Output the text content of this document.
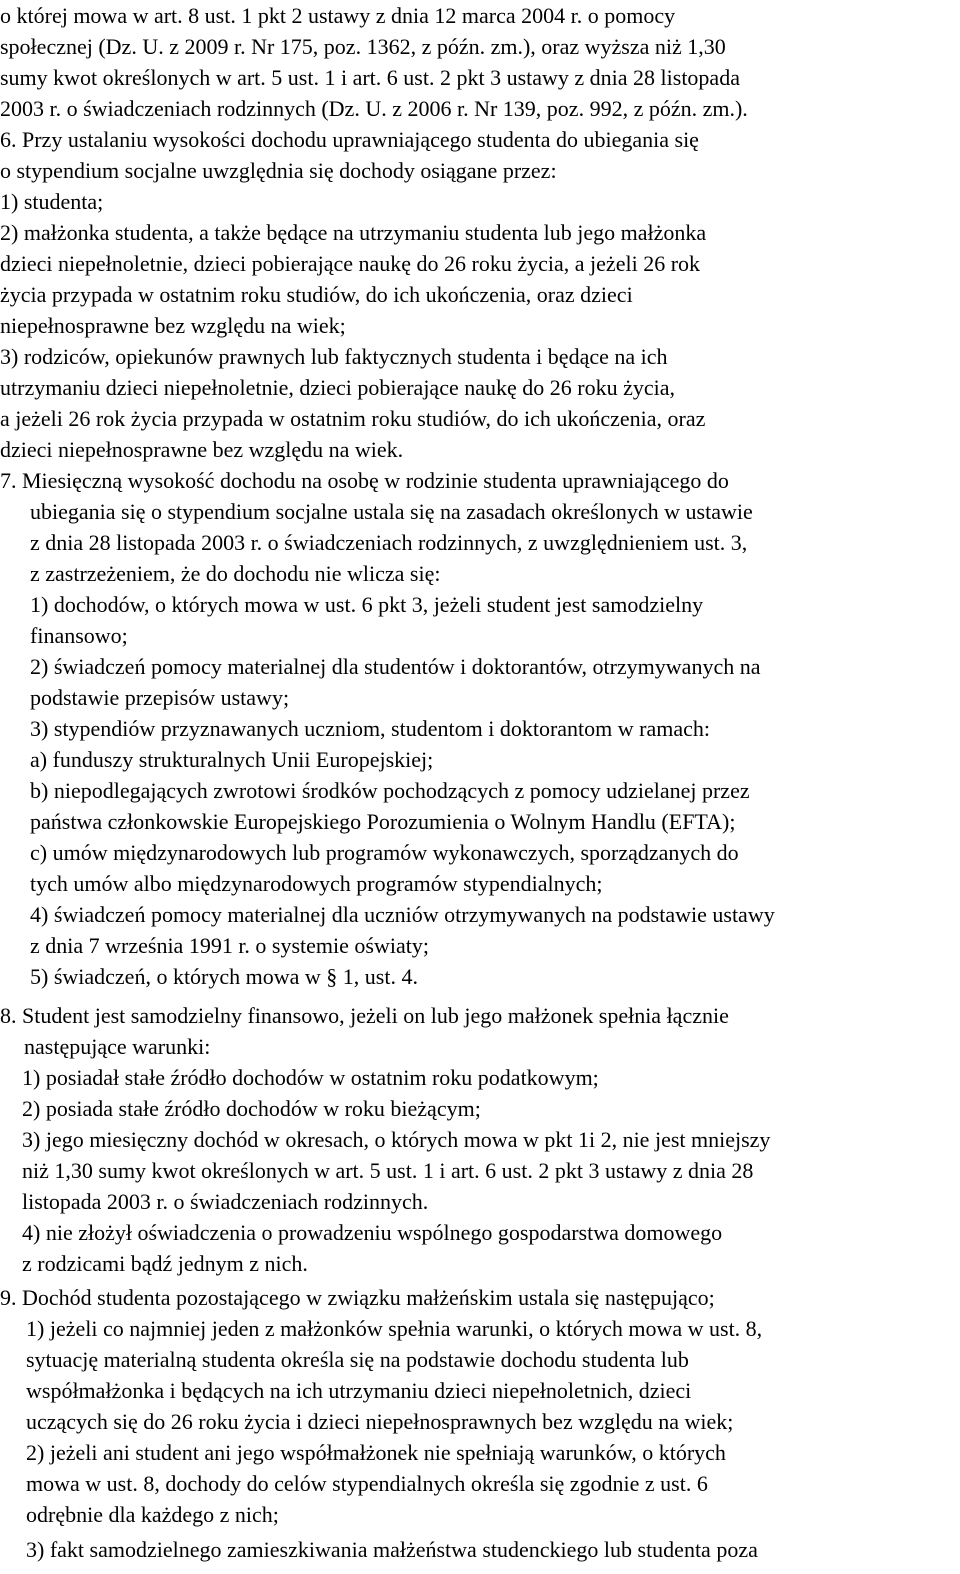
o której mowa w art. 8 ust. 1 pkt 2 ustawy z dnia 12 marca 2004 r. o pomocy
społecznej (Dz. U. z 2009 r. Nr 175, poz. 1362, z późn. zm.), oraz wyższa niż 1,30
sumy kwot określonych w art. 5 ust. 1 i art. 6 ust. 2 pkt 3 ustawy z dnia 28 listopada
2003 r. o świadczeniach rodzinnych (Dz. U. z 2006 r. Nr 139, poz. 992, z późn. zm.).
6. Przy ustalaniu wysokości dochodu uprawniającego studenta do ubiegania się
o stypendium socjalne uwzględnia się dochody osiągane przez:
1) studenta;
2) małżonka studenta, a także będące na utrzymaniu studenta lub jego małżonka
dzieci niepełnoletnie, dzieci pobierające naukę do 26 roku życia, a jeżeli 26 rok
życia przypada w ostatnim roku studiów, do ich ukończenia, oraz dzieci
niepełnosprawne bez względu na wiek;
3) rodziców, opiekunów prawnych lub faktycznych studenta i będące na ich
utrzymaniu dzieci niepełnoletnie, dzieci pobierające naukę do 26 roku życia,
a jeżeli 26 rok życia przypada w ostatnim roku studiów, do ich ukończenia, oraz
dzieci niepełnosprawne bez względu na wiek.
7. Miesięczną wysokość dochodu na osobę w rodzinie studenta uprawniającego do
ubiegania się o stypendium socjalne ustala się na zasadach określonych w ustawie
z dnia 28 listopada 2003 r. o świadczeniach rodzinnych, z uwzględnieniem ust. 3,
z zastrzeżeniem, że do dochodu nie wlicza się:
1) dochodów, o których mowa w ust. 6 pkt 3, jeżeli student jest samodzielny
finansowo;
2) świadczeń pomocy materialnej dla studentów i doktorantów, otrzymywanych na
podstawie przepisów ustawy;
3) stypendiów przyznawanych uczniom, studentom i doktorantom w ramach:
a) funduszy strukturalnych Unii Europejskiej;
b) niepodlegających zwrotowi środków pochodzących z pomocy udzielanej przez
państwa członkowskie Europejskiego Porozumienia o Wolnym Handlu (EFTA);
c) umów międzynarodowych lub programów wykonawczych, sporządzanych do
tych umów albo międzynarodowych programów stypendialnych;
4) świadczeń pomocy materialnej dla uczniów otrzymywanych na podstawie ustawy
z dnia 7 września 1991 r. o systemie oświaty;
5) świadczeń, o których mowa w § 1, ust. 4.
8. Student jest samodzielny finansowo, jeżeli on lub jego małżonek spełnia łącznie
następujące warunki:
1) posiadał stałe źródło dochodów w ostatnim roku podatkowym;
2) posiada stałe źródło dochodów w roku bieżącym;
3) jego miesięczny dochód w okresach, o których mowa w pkt 1i 2, nie jest mniejszy
niż 1,30 sumy kwot określonych w art. 5 ust. 1 i art. 6 ust. 2 pkt 3 ustawy z dnia 28
listopada 2003 r. o świadczeniach rodzinnych.
4) nie złożył oświadczenia o prowadzeniu wspólnego gospodarstwa domowego
z rodzicami bądź jednym z nich.
9. Dochód studenta pozostającego w związku małżeńskim ustala się następująco;
1) jeżeli co najmniej jeden z małżonków spełnia warunki, o których mowa w ust. 8,
sytuację materialną studenta określa się na podstawie dochodu studenta lub
współmałżonka i będących na ich utrzymaniu dzieci niepełnoletnich, dzieci
uczących się do 26 roku życia i dzieci niepełnosprawnych bez względu na wiek;
2) jeżeli ani student ani jego współmałżonek nie spełniają warunków, o których
mowa w ust. 8, dochody do celów stypendialnych określa się zgodnie z ust. 6
odrębnie dla każdego z nich;
3) fakt samodzielnego zamieszkiwania małżeństwa studenckiego lub studenta poza
